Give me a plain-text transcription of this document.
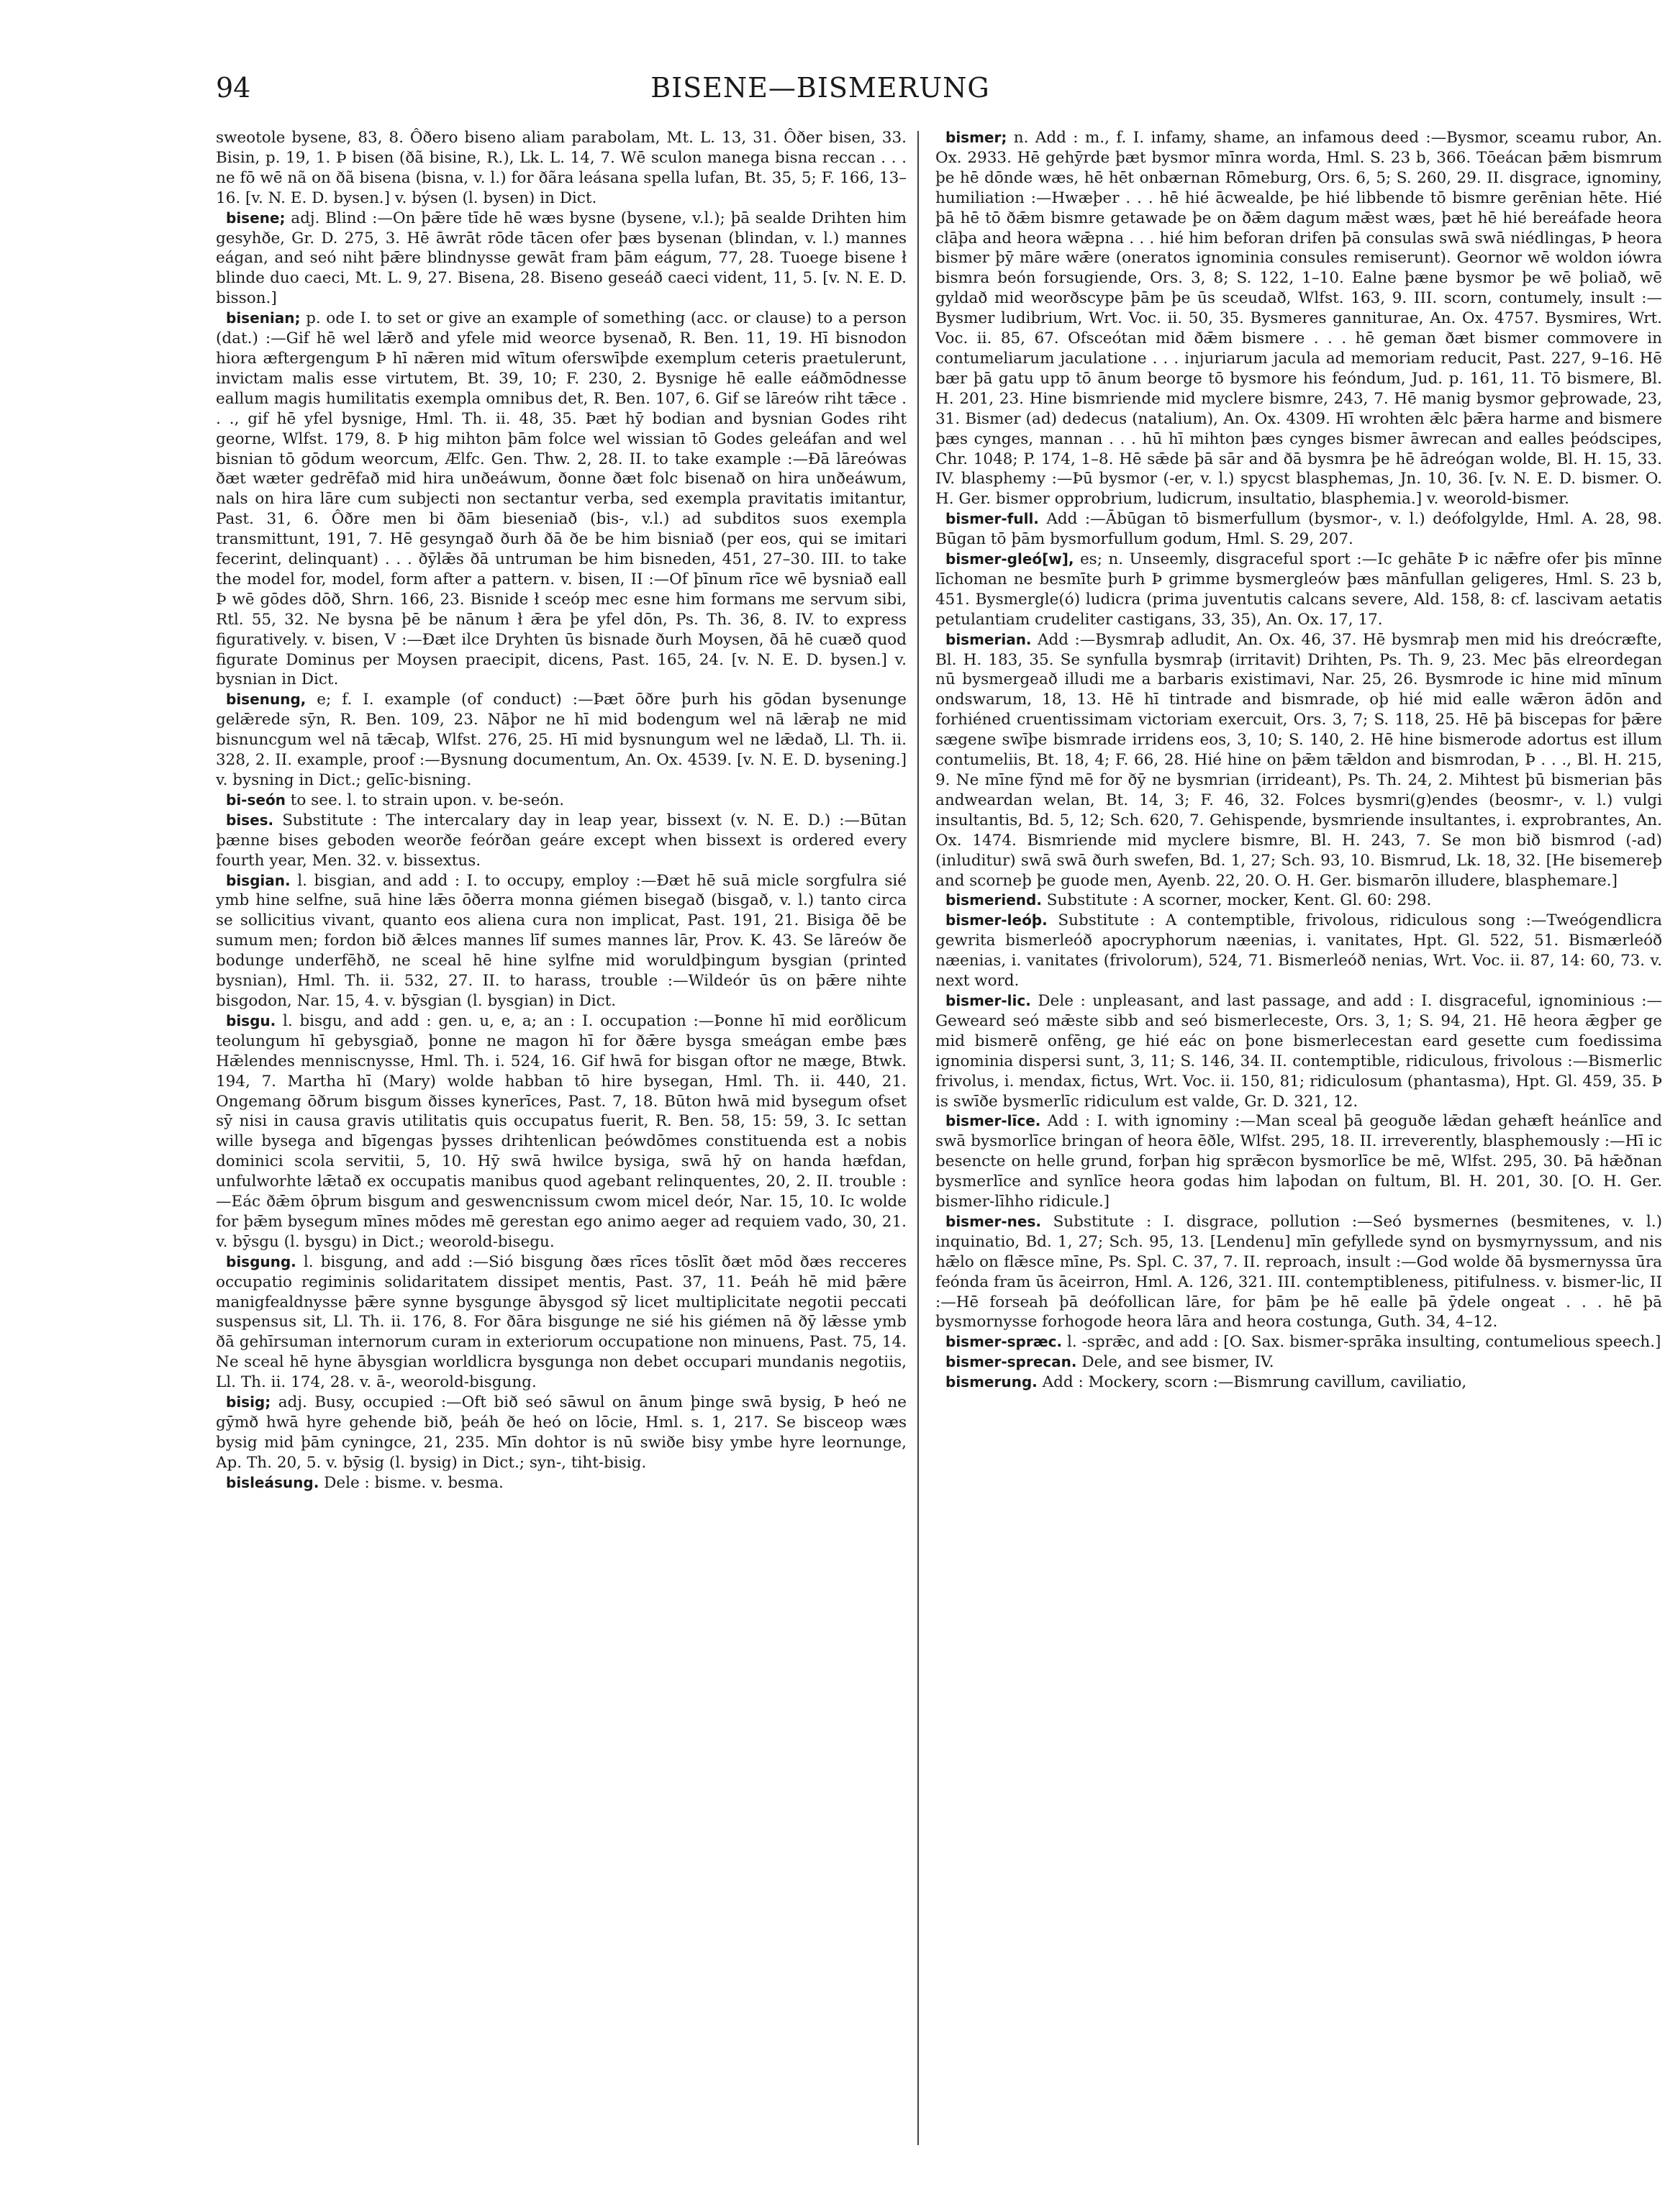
94	BISENE—BISMERUNG

sweotole bysene, 83, 8. Ôðero biseno aliam parabolam, Mt. L. 13, 31. Ôðer bisen, 33. Bisin, p. 19, 1. Þ bisen (ðã bisine, R.), Lk. L. 14, 7. Wē sculon manega bisna reccan . . . ne fō wē nã on ðã bisena (bisna, v. l.) for ðãra leásana spella lufan, Bt. 35, 5; F. 166, 13–16. [v. N. E. D. bysen.] v. býsen (l. bysen) in Dict.

bisene; adj. Blind :—On þǣre tīde hē wæs bysne (bysene, v.l.); þā sealde Drihten him gesyhðe, Gr. D. 275, 3. Hē āwrāt rōde tācen ofer þæs bysenan (blindan, v. l.) mannes eágan, and seó niht þǣre blindnysse gewāt fram þām eágum, 77, 28. Tuoege bisene ł blinde duo caeci, Mt. L. 9, 27. Bisena, 28. Biseno geseáð caeci vident, 11, 5. [v. N. E. D. bisson.]

bisenian; p. ode I. to set or give an example of something (acc. or clause) to a person (dat.) :—Gif hē wel lǣrð and yfele mid weorce bysenað, R. Ben. 11, 19. Hī bisnodon hiora æftergengum Þ hī nǣren mid wītum oferswīþde exemplum ceteris praetulerunt, invictam malis esse virtutem, Bt. 39, 10; F. 230, 2. Bysnige hē ealle eáðmōdnesse eallum magis humilitatis exempla omnibus det, R. Ben. 107, 6. Gif se lāreów riht tǣce . . ., gif hē yfel bysnige, Hml. Th. ii. 48, 35. Þæt hȳ bodian and bysnian Godes riht georne, Wlfst. 179, 8. Þ hig mihton þām folce wel wissian tō Godes geleáfan and wel bisnian tō gōdum weorcum, Ælfc. Gen. Thw. 2, 28. II. to take example :—Ðā lāreówas ðæt wæter gedrēfað mid hira unðeáwum, ðonne ðæt folc bisenað on hira unðeáwum, nals on hira lāre cum subjecti non sectantur verba, sed exempla pravitatis imitantur, Past. 31, 6. Ôðre men bi ðām bieseniað (bis-, v.l.) ad subditos suos exempla transmittunt, 191, 7. Hē gesyngað ðurh ðā ðe be him bisniað (per eos, qui se imitari fecerint, delinquant) . . . ðȳlǣs ðā untruman be him bisneden, 451, 27–30. III. to take the model for, model, form after a pattern. v. bisen, II :—Of þīnum rīce wē bysniað eall Þ wē gōdes dōð, Shrn. 166, 23. Bisnide ł sceóp mec esne him formans me servum sibi, Rtl. 55, 32. Ne bysna þē be nānum ł ǣra þe yfel dōn, Ps. Th. 36, 8. IV. to express figuratively. v. bisen, V :—Ðæt ilce Dryhten ūs bisnade ðurh Moysen, ðā hē cuæð quod figurate Dominus per Moysen praecipit, dicens, Past. 165, 24. [v. N. E. D. bysen.] v. bysnian in Dict.

bisenung, e; f. I. example (of conduct) :—Þæt ōðre þurh his gōdan bysenunge gelǣrede sȳn, R. Ben. 109, 23. Nāþor ne hī mid bodengum wel nā lǣraþ ne mid bisnuncgum wel nā tǣcaþ, Wlfst. 276, 25. Hī mid bysnungum wel ne lǣdað, Ll. Th. ii. 328, 2. II. example, proof :—Bysnung documentum, An. Ox. 4539. [v. N. E. D. bysening.] v. bysning in Dict.; gelīc-bisning.

bi-seón to see. l. to strain upon. v. be-seón.

bises. Substitute : The intercalary day in leap year, bissext (v. N. E. D.) :—Būtan þænne bises geboden weorðe feórðan geáre except when bissext is ordered every fourth year, Men. 32. v. bissextus.

bisgian. l. bisgian, and add : I. to occupy, employ :—Ðæt hē suā micle sorgfulra sié ymb hine selfne, suā hine lǣs ōðerra monna giémen bisegað (bisgað, v. l.) tanto circa se sollicitius vivant, quanto eos aliena cura non implicat, Past. 191, 21. Bisiga ðē be sumum men; fordon bið ǣlces mannes līf sumes mannes lār, Prov. K. 43. Se lāreów ðe bodunge underfēhð, ne sceal hē hine sylfne mid woruldþingum bysgian (printed bysnian), Hml. Th. ii. 532, 27. II. to harass, trouble :—Wildeór ūs on þǣre nihte bisgodon, Nar. 15, 4. v. bȳsgian (l. bysgian) in Dict.

bisgu. l. bisgu, and add : gen. u, e, a; an : I. occupation :—Þonne hī mid eorðlicum teolungum hī gebysgiað, þonne ne magon hī for ðǣre bysga smeágan embe þæs Hǣlendes mennisсnysse, Hml. Th. i. 524, 16. Gif hwā for bisgan oftor ne mæge, Btwk. 194, 7. Martha hī (Mary) wolde habban tō hire bysegan, Hml. Th. ii. 440, 21. Ongemang ōðrum bisgum ðisses kynerīces, Past. 7, 18. Būton hwā mid bysegum ofset sȳ nisi in causa gravis utilitatis quis occupatus fuerit, R. Ben. 58, 15: 59, 3. Ic settan wille bysega and bīgengas þysses drihtenlican þeówdōmes constituenda est a nobis dominici scola servitii, 5, 10. Hȳ swā hwilce bysiga, swā hȳ on handa hæfdan, unfulworhte lǣtað ex occupatis manibus quod agebant relinquentes, 20, 2. II. trouble :—Eác ðǣm ōþrum bisgum and geswencnissum cwom micel deór, Nar. 15, 10. Ic wolde for þǣm bysegum mīnes mōdes mē gerestan ego animo aeger ad requiem vado, 30, 21. v. bȳsgu (l. bysgu) in Dict.; weorold-bisegu.

bisgung. l. bisgung, and add :—Sió bisgung ðæs rīces tōslīt ðæt mōd ðæs recceres occupatio regiminis solidaritatem dissipet mentis, Past. 37, 11. Þeáh hē mid þǣre manigfealdnysse þǣre synne bysgunge ābysgod sȳ licet multiplicitate negotii peccati suspensus sit, Ll. Th. ii. 176, 8. For ðāra bisgunge ne sié his giémen nā ðȳ lǣsse ymb ðā gehīrsuman internorum curam in exteriorum occupatione non minuens, Past. 75, 14. Ne sceal hē hyne ābysgian worldlicra bysgunga non debet occupari mundanis negotiis, Ll. Th. ii. 174, 28. v. ā-, weorold-bisgung.

bisig; adj. Busy, occupied :—Oft bið seó sāwul on ānum þinge swā bysig, Þ heó ne gȳmð hwā hyre gehende bið, þeáh ðe heó on lōcie, Hml. s. 1, 217. Se bisceop wæs bysig mid þām cyningce, 21, 235. Mīn dohtor is nū swiðe bisy ymbe hyre leornunge, Ap. Th. 20, 5. v. bȳsig (l. bysig) in Dict.; syn-, tiht-bisig.

bisleásung. Dele : bisme. v. besma.

bismer; n. Add : m., f. I. infamy, shame, an infamous deed :—Bysmor, sceamu rubor, An. Ox. 2933. Hē gehȳrde þæt bysmor mīnra worda, Hml. S. 23 b, 366. Tōeácan þǣm bismrum þe hē dōnde wæs, hē hēt onbærnan Rōmeburg, Ors. 6, 5; S. 260, 29. II. disgrace, ignominy, humiliation :—Hwæþer . . . hē hié ācwealde, þe hié libbende tō bismre gerēnian hēte. Hié þā hē tō ðǣm bismre getawade þe on ðǣm dagum mǣst wæs, þæt hē hié bereáfade heora clāþa and heora wǣpna . . . hié him beforan drifen þā consulas swā swā niédlingas, Þ heora bismer þȳ māre wǣre (oneratos ignominia consules remiserunt). Geornor wē woldon iówra bismra beón forsugiende, Ors. 3, 8; S. 122, 1–10. Ealne þæne bysmor þe wē þoliað, wē gyldað mid weorðscype þām þe ūs sceudað, Wlfst. 163, 9. III. scorn, contumely, insult :—Bysmer ludibrium, Wrt. Voc. ii. 50, 35. Bysmeres ganniturae, An. Ox. 4757. Bysmires, Wrt. Voc. ii. 85, 67. Ofsceótan mid ðǣm bismere . . . hē geman ðæt bismer commovere in contumeliarum jaculatione . . . injuriarum jacula ad memoriam reducit, Past. 227, 9–16. Hē bær þā gatu upp tō ānum beorge tō bysmore his feóndum, Jud. p. 161, 11. Tō bismere, Bl. H. 201, 23. Hine bismriende mid myclere bismre, 243, 7. Hē manig bysmor geþrowade, 23, 31. Bismer (ad) dedecus (natalium), An. Ox. 4309. Hī wrohten ǣlc þǣra harme and bismere þæs cynges, mannan . . . hū hī mihton þæs cynges bismer āwrecan and ealles þeódscipes, Chr. 1048; P. 174, 1–8. Hē sǣde þā sār and ðā bysmra þe hē ādreógan wolde, Bl. H. 15, 33. IV. blasphemy :—Þū bysmor (-er, v. l.) spycst blasphemas, Jn. 10, 36. [v. N. E. D. bismer. O. H. Ger. bismer opprobrium, ludicrum, insultatio, blasphemia.] v. weorold-bismer.

bismer-full. Add :—Ābūgan tō bismerfullum (bysmor-, v. l.) deófolgylde, Hml. A. 28, 98. Būgan tō þām bysmorfullum godum, Hml. S. 29, 207.

bismer-gleó[w], es; n. Unseemly, disgraceful sport :—Ic gehāte Þ ic nǣfre ofer þis mīnne līchoman ne besmīte þurh Þ grimme bysmergleów þæs mānfullan geligeres, Hml. S. 23 b, 451. Bysmergle(ó) ludicra (prima juventutis calcans severe, Ald. 158, 8: cf. lascivam aetatis petulantiam crudeliter castigans, 33, 35), An. Ox. 17, 17.

bismerian. Add :—Bysmraþ adludit, An. Ox. 46, 37. Hē bysmraþ men mid his dreócræfte, Bl. H. 183, 35. Se synfulla bysmraþ (irritavit) Drihten, Ps. Th. 9, 23. Mec þās elreordegan nū bysmergeað illudi me a barbaris existimavi, Nar. 25, 26. Bysmrode ic hine mid mīnum ondswarum, 18, 13. Hē hī tintrade and bismrade, oþ hié mid ealle wǣron ādōn and forhiéned cruentissimam victoriam exercuit, Ors. 3, 7; S. 118, 25. Hē þā biscepas for þǣre sægene swīþe bismrade irridens eos, 3, 10; S. 140, 2. Hē hine bismerode adortus est illum contumeliis, Bt. 18, 4; F. 66, 28. Hié hine on þǣm tǣldon and bismrodan, Þ . . ., Bl. H. 215, 9. Ne mīne fȳnd mē for ðȳ ne bysmrian (irrideant), Ps. Th. 24, 2. Mihtest þū bismerian þās andweardan welan, Bt. 14, 3; F. 46, 32. Folces bysmri(g)endes (beosmr-, v. l.) vulgi insultantis, Bd. 5, 12; Sch. 620, 7. Gehispende, bysmriende insultantes, i. exprobrantes, An. Ox. 1474. Bismriende mid myclere bismre, Bl. H. 243, 7. Se mon bið bismrod (-ad) (inluditur) swā swā ðurh swefen, Bd. 1, 27; Sch. 93, 10. Bismrud, Lk. 18, 32. [He bisemereþ and scorneþ þe guode men, Ayenb. 22, 20. O. H. Ger. bismarōn illudere, blasphemare.]

bismeriend. Substitute : A scorner, mocker, Kent. Gl. 60: 298.

bismer-leóþ. Substitute : A contemptible, frivolous, ridiculous song :—Tweógendlicra gewrita bismerleóð apocryphorum næenias, i. vanitates, Hpt. Gl. 522, 51. Bismærleóð næenias, i. vanitates (frivolorum), 524, 71. Bismerleóð nenias, Wrt. Voc. ii. 87, 14: 60, 73. v. next word.

bismer-lic. Dele : unpleasant, and last passage, and add : I. disgraceful, ignominious :—Geweard seó mǣste sibb and seó bismerleceste, Ors. 3, 1; S. 94, 21. Hē heora ǣgþer ge mid bismerē onfēng, ge hié eác on þone bismerlecestan eard gesette cum foedissima ignominia dispersi sunt, 3, 11; S. 146, 34. II. contemptible, ridiculous, frivolous :—Bismerlic frivolus, i. mendax, fictus, Wrt. Voc. ii. 150, 81; ridiculosum (phantasma), Hpt. Gl. 459, 35. Þ is swīðe bysmerlīc ridiculum est valde, Gr. D. 321, 12.

bismer-līce. Add : I. with ignominy :—Man sceal þā geoguðe lǣdan gehæft heánlīce and swā bysmorlīce bringan of heora ēðle, Wlfst. 295, 18. II. irreverently, blasphemously :—Hī ic besencte on helle grund, forþan hig sprǣcon bysmorlīce be mē, Wlfst. 295, 30. Þā hǣðnan bysmerlīce and synlīce heora godas him laþodan on fultum, Bl. H. 201, 30. [O. H. Ger. bismer-līhho ridicule.]

bismer-nes. Substitute : I. disgrace, pollution :—Seó bysmernes (besmitenes, v. l.) inquinatio, Bd. 1, 27; Sch. 95, 13. [Lendenu] mīn gefyllede synd on bysmyrnyssum, and nis hǣlo on flǣsce mīne, Ps. Spl. C. 37, 7. II. reproach, insult :—God wolde ðā bysmernyssa ūra feónda fram ūs āceirron, Hml. A. 126, 321. III. contemptibleness, pitifulness. v. bismer-lic, II :—Hē forseah þā deófollican lāre, for þām þe hē ealle þā ȳdele ongeat . . . hē þā bysmornysse forhogode heora lāra and heora costunga, Guth. 34, 4–12.

bismer-spræc. l. -sprǣc, and add : [O. Sax. bismer-sprāka insulting, contumelious speech.]

bismer-sprecan. Dele, and see bismer, IV.

bismerung. Add : Mockery, scorn :—Bismrung cavillum, caviliatio,
